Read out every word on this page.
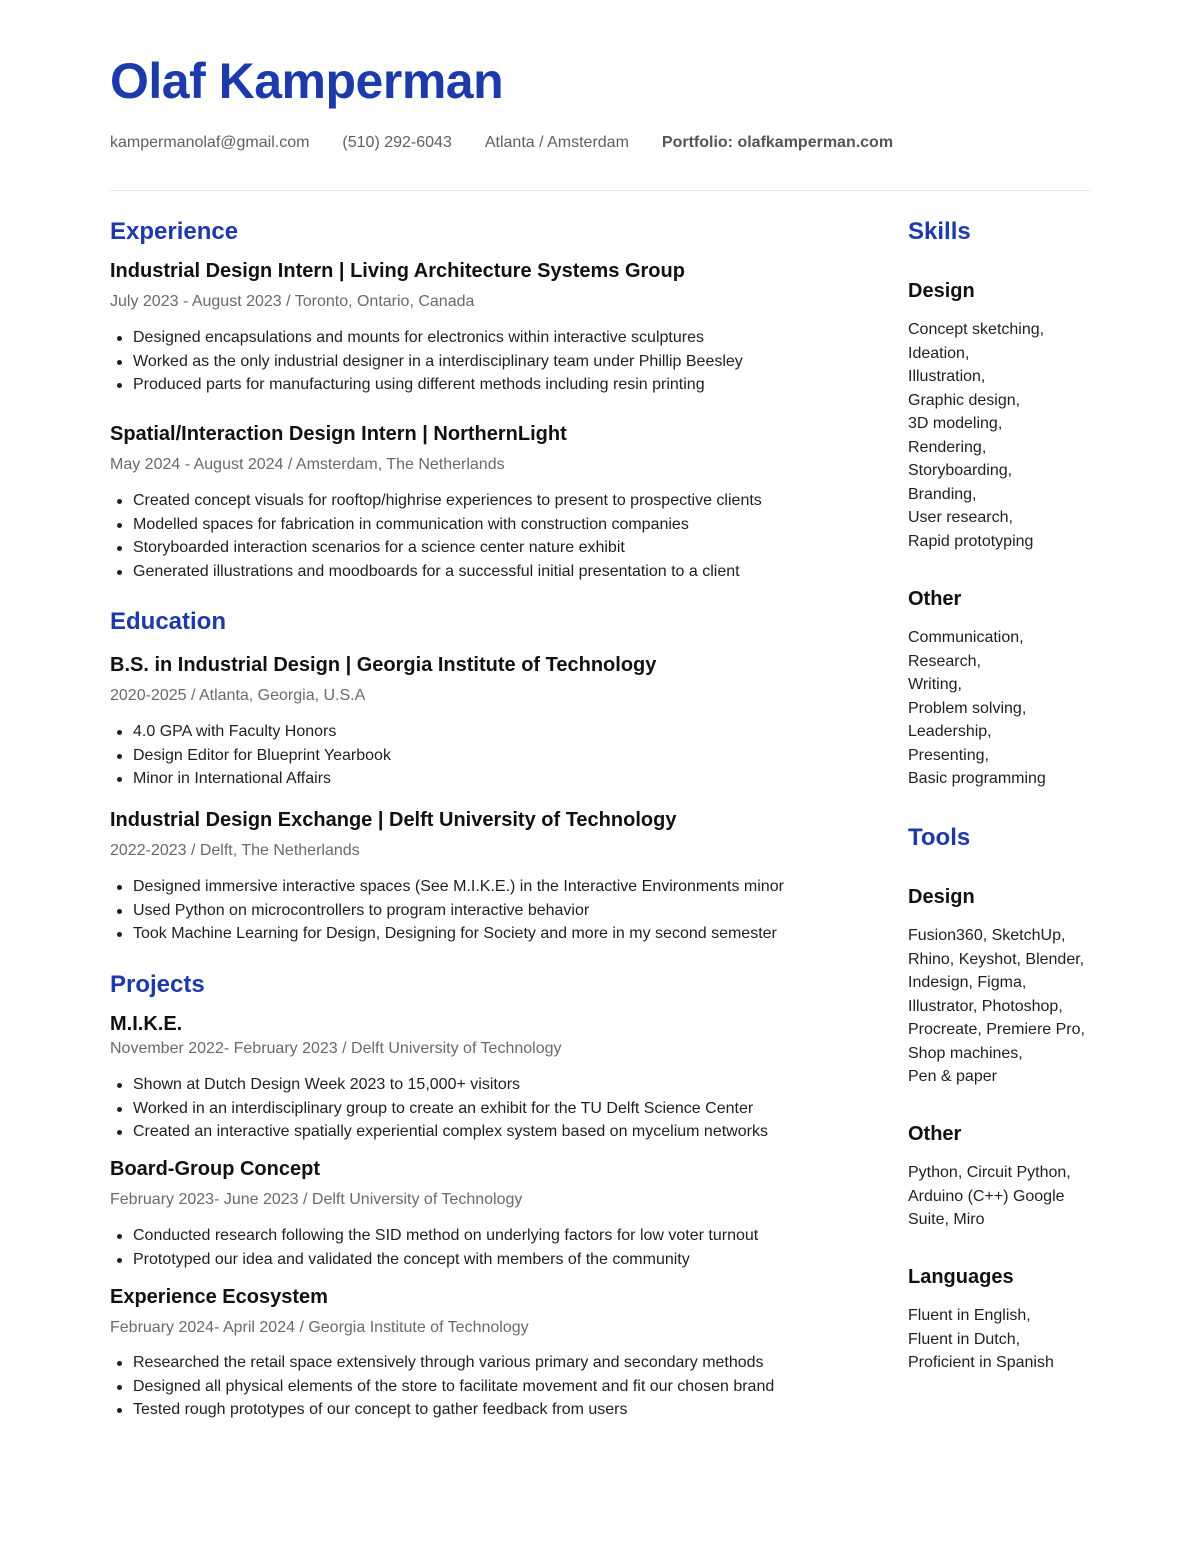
Olaf Kamperman
kampermanolaf@gmail.com (510) 292-6043 Atlanta / Amsterdam Portfolio: olafkamperman.com
Experience
Industrial Design Intern | Living Architecture Systems Group
July 2023 - August 2023 / Toronto, Ontario, Canada
Designed encapsulations and mounts for electronics within interactive sculptures
Worked as the only industrial designer in a interdisciplinary team under Phillip Beesley
Produced parts for manufacturing using different methods including resin printing
Spatial/Interaction Design Intern | NorthernLight
May 2024 - August 2024 / Amsterdam, The Netherlands
Created concept visuals for rooftop/highrise experiences to present to prospective clients
Modelled spaces for fabrication in communication with construction companies
Storyboarded interaction scenarios for a science center nature exhibit
Generated illustrations and moodboards for a successful initial presentation to a client
Education
B.S. in Industrial Design | Georgia Institute of Technology
2020-2025 / Atlanta, Georgia, U.S.A
4.0 GPA with Faculty Honors
Design Editor for Blueprint Yearbook
Minor in International Affairs
Industrial Design Exchange | Delft University of Technology
2022-2023 / Delft, The Netherlands
Designed immersive interactive spaces (See M.I.K.E.) in the Interactive Environments minor
Used Python on microcontrollers to program interactive behavior
Took Machine Learning for Design, Designing for Society and more in my second semester
Projects
M.I.K.E.
November 2022- February 2023 / Delft University of Technology
Shown at Dutch Design Week 2023 to 15,000+ visitors
Worked in an interdisciplinary group to create an exhibit for the TU Delft Science Center
Created an interactive spatially experiential complex system based on mycelium networks
Board-Group Concept
February 2023- June 2023 / Delft University of Technology
Conducted research following the SID method on underlying factors for low voter turnout
Prototyped our idea and validated the concept with members of the community
Experience Ecosystem
February 2024- April 2024 / Georgia Institute of Technology
Researched the retail space extensively through various primary and secondary methods
Designed all physical elements of the store to facilitate movement and fit our chosen brand
Tested rough prototypes of our concept to gather feedback from users
Skills
Design
Concept sketching,
Ideation,
Illustration,
Graphic design,
3D modeling,
Rendering,
Storyboarding,
Branding,
User research,
Rapid prototyping
Other
Communication,
Research,
Writing,
Problem solving,
Leadership,
Presenting,
Basic programming
Tools
Design
Fusion360, SketchUp,
Rhino, Keyshot, Blender,
Indesign, Figma,
Illustrator, Photoshop,
Procreate, Premiere Pro,
Shop machines,
Pen & paper
Other
Python, Circuit Python,
Arduino (C++) Google
Suite, Miro
Languages
Fluent in English,
Fluent in Dutch,
Proficient in Spanish
